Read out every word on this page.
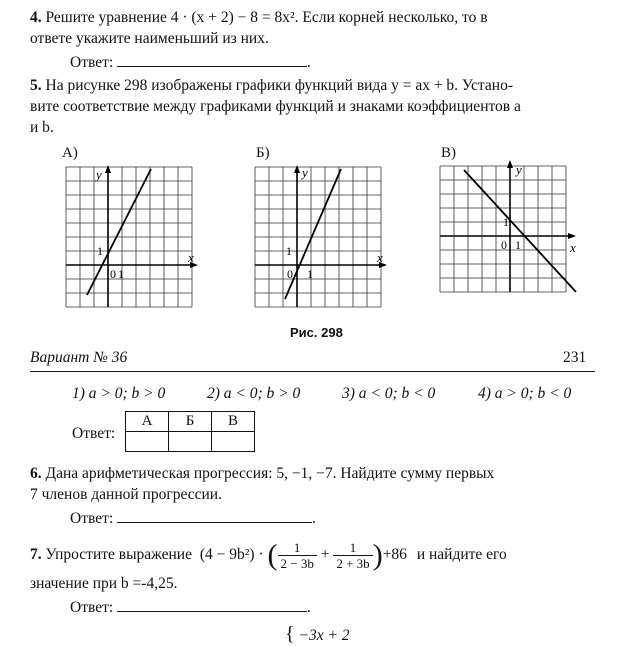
4. Решите уравнение 4 · (x + 2) − 8 = 8x². Если корней несколько, то в
ответе укажите наименьший из них.
Ответ:	.
5. На рисунке 298 изображены графики функций вида y = ax + b. Устано-
вите соответствие между графиками функций и знаками коэффициентов a
и b.
А)	Б)	В)
y
x
1
0 1
y
x
1
0 1
y
x
1
0 1
Рис. 298
Вариант № 36	231
1) a > 0; b > 0	2) a < 0; b > 0	3) a < 0; b < 0	4) a > 0; b < 0
Ответ:
А	Б	В

6. Дана арифметическая прогрессия: 5, −1, −7. Найдите сумму первых
7 членов данной прогрессии.
Ответ:	.
7. Упростите выражение (4 − 9b²) · ( $\frac{1}{2 - 3b} + \frac{1}{2 + 3b} )+86$ и найдите его
значение при b =-4,25.
Ответ:	.
{ −3x + 2
